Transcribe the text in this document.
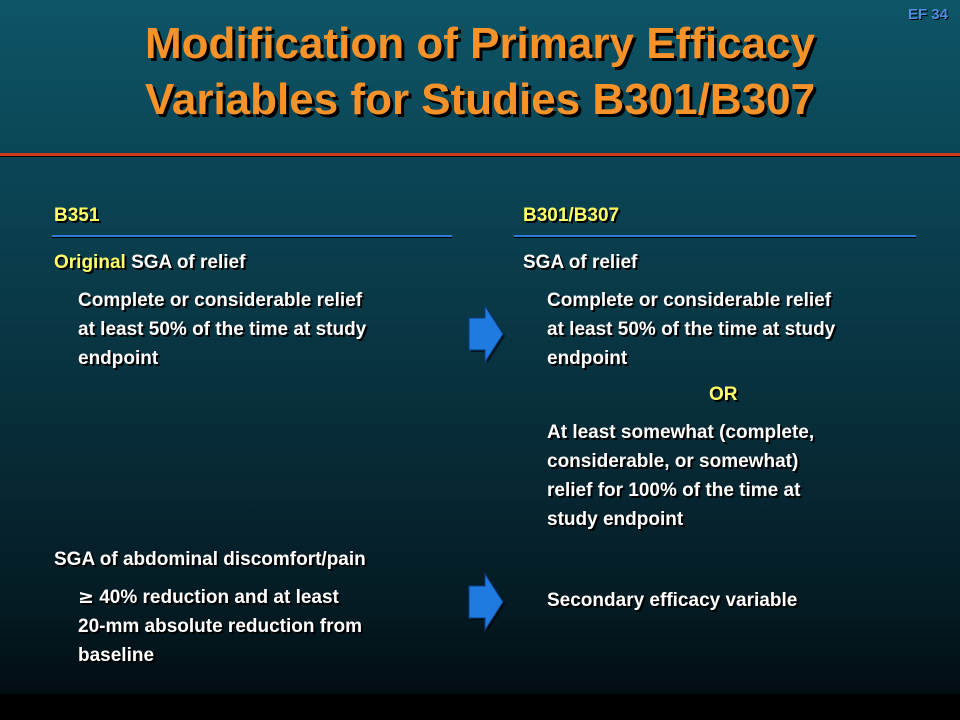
EF 34
Modification of Primary Efficacy
Variables for Studies B301/B307
B351
Original SGA of relief
Complete or considerable relief
at least 50% of the time at study
endpoint
SGA of abdominal discomfort/pain
≥ 40% reduction and at least
20-mm absolute reduction from
baseline
B301/B307
SGA of relief
Complete or considerable relief
at least 50% of the time at study
endpoint
OR
At least somewhat (complete,
considerable, or somewhat)
relief for 100% of the time at
study endpoint
Secondary efficacy variable
